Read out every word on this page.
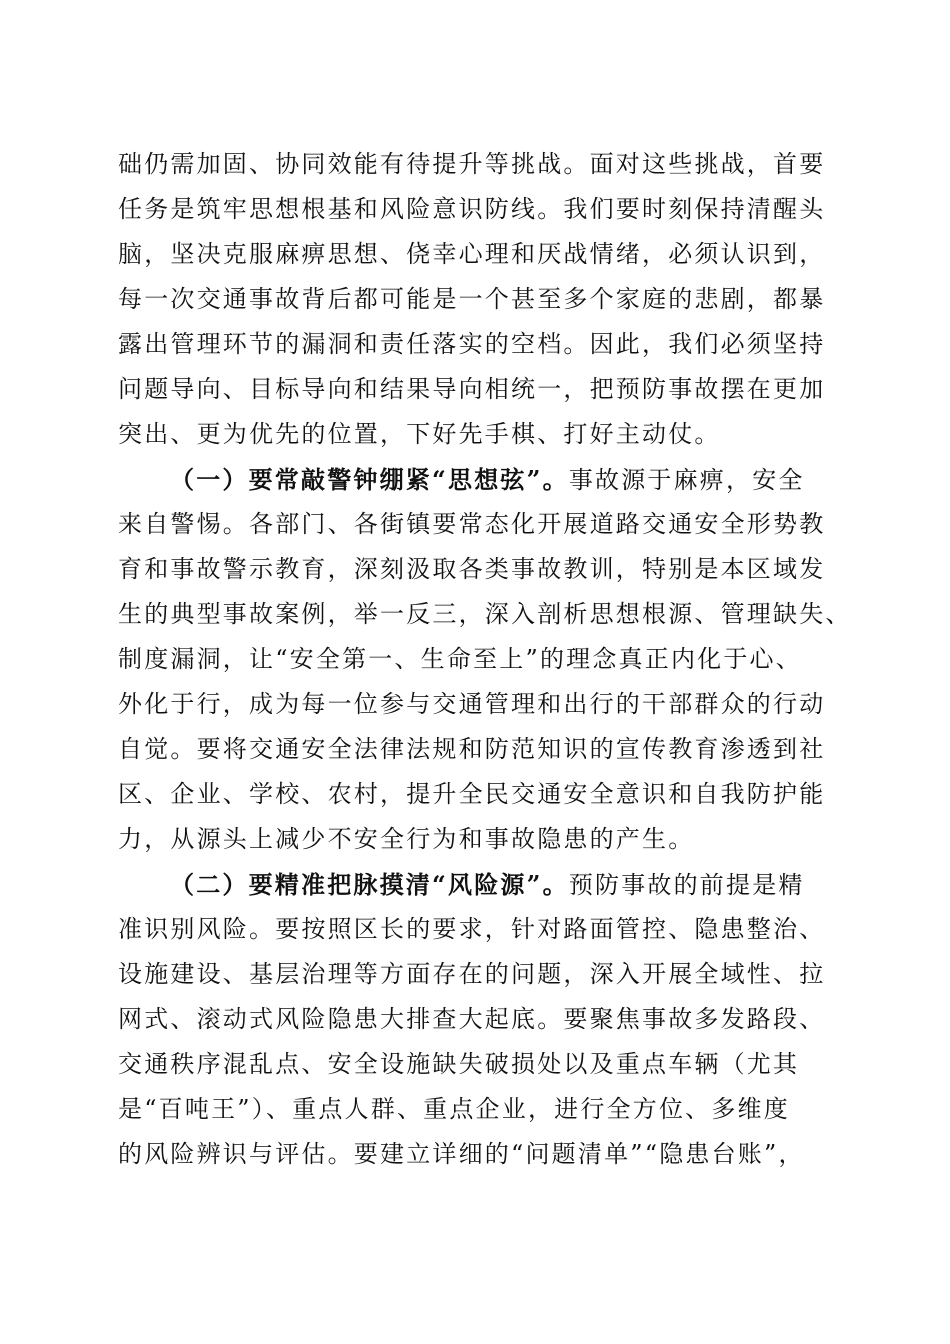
础仍需加固、协同效能有待提升等挑战。面对这些挑战，首要
任务是筑牢思想根基和风险意识防线。我们要时刻保持清醒头
脑，坚决克服麻痹思想、侥幸心理和厌战情绪，必须认识到，
每一次交通事故背后都可能是一个甚至多个家庭的悲剧，都暴
露出管理环节的漏洞和责任落实的空档。因此，我们必须坚持
问题导向、目标导向和结果导向相统一，把预防事故摆在更加
突出、更为优先的位置，下好先手棋、打好主动仗。
（一）要常敲警钟绷紧“思想弦”。事故源于麻痹，安全
来自警惕。各部门、各街镇要常态化开展道路交通安全形势教
育和事故警示教育，深刻汲取各类事故教训，特别是本区域发
生的典型事故案例，举一反三，深入剖析思想根源、管理缺失、
制度漏洞，让“安全第一、生命至上”的理念真正内化于心、
外化于行，成为每一位参与交通管理和出行的干部群众的行动
自觉。要将交通安全法律法规和防范知识的宣传教育渗透到社
区、企业、学校、农村，提升全民交通安全意识和自我防护能
力，从源头上减少不安全行为和事故隐患的产生。
（二）要精准把脉摸清“风险源”。预防事故的前提是精
准识别风险。要按照区长的要求，针对路面管控、隐患整治、
设施建设、基层治理等方面存在的问题，深入开展全域性、拉
网式、滚动式风险隐患大排查大起底。要聚焦事故多发路段、
交通秩序混乱点、安全设施缺失破损处以及重点车辆（尤其
是“百吨王”）、重点人群、重点企业，进行全方位、多维度
的风险辨识与评估。要建立详细的“问题清单”“隐患台账”，
